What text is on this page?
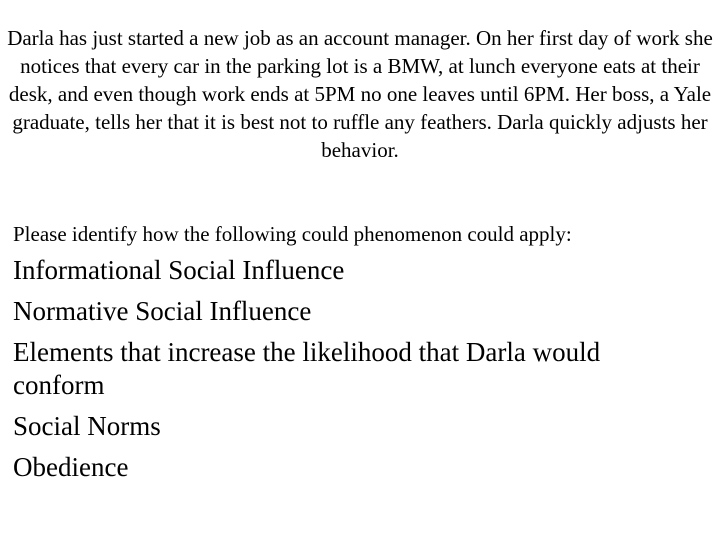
Darla has just started a new job as an account manager. On her first day of work she notices that every car in the parking lot is a BMW, at lunch everyone eats at their desk, and even though work ends at 5PM no one leaves until 6PM. Her boss, a Yale graduate, tells her that it is best not to ruffle any feathers. Darla quickly adjusts her behavior.

Please identify how the following could phenomenon could apply:

Informational Social Influence
Normative Social Influence
Elements that increase the likelihood that Darla would conform
Social Norms
Obedience
